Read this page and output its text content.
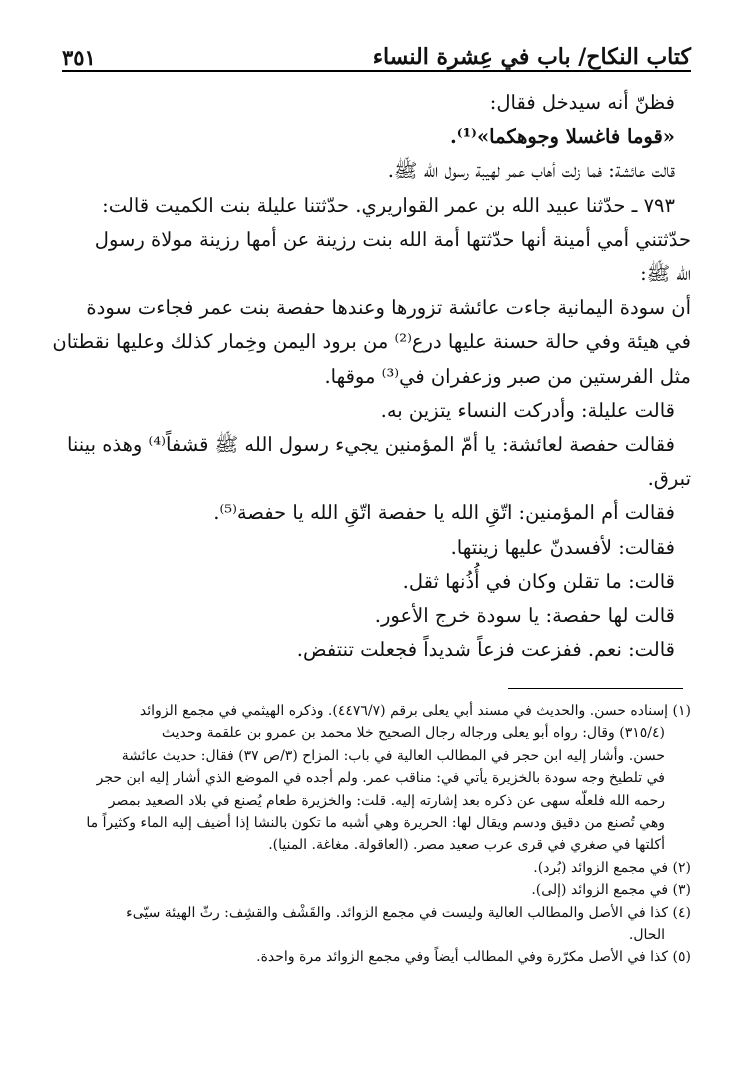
كتاب النكاح/ باب في عِشرة النساء
٣٥١
فظنّ أنه سيدخل فقال:
«قوما فاغسلا وجوهكما»⁽¹⁾.
قالت عائشة: فما زلت أهاب عمر لهيبة رسول الله ﷺ.
٧٩٣ ـ حدّثنا عبيد الله بن عمر القواريري. حدّثتنا عليلة بنت الكميت قالت:
حدّثتني أمي أمينة أنها حدّثتها أمة الله بنت رزينة عن أمها رزينة مولاة رسول
الله ﷺ:
أن سودة اليمانية جاءت عائشة تزورها وعندها حفصة بنت عمر فجاءت سودة
في هيئة وفي حالة حسنة عليها درع⁽²⁾ من برود اليمن وخِمار كذلك وعليها نقطتان
مثل الفرستين من صبر وزعفران في⁽³⁾ موقها.
قالت عليلة: وأدركت النساء يتزين به.
فقالت حفصة لعائشة: يا أمّ المؤمنين يجيء رسول الله ﷺ قشفاً⁽⁴⁾ وهذه بيننا
تبرق.
فقالت أم المؤمنين: اتّقِ الله يا حفصة اتّقِ الله يا حفصة⁽⁵⁾.
فقالت: لأفسدنّ عليها زينتها.
قالت: ما تقلن وكان في أُذُنها ثقل.
قالت لها حفصة: يا سودة خرج الأعور.
قالت: نعم. ففزعت فزعاً شديداً فجعلت تنتفض.
(١) إسناده حسن. والحديث في مسند أبي يعلى برقم (٤٤٧٦/٧). وذكره الهيثمي في مجمع الزوائد
(٣١٥/٤) وقال: رواه أبو يعلى ورجاله رجال الصحيح خلا محمد بن عمرو بن علقمة وحديث
حسن. وأشار إليه ابن حجر في المطالب العالية في باب: المزاح (٣/ص ٣٧) فقال: حديث عائشة
في تلطيخ وجه سودة بالخزيرة يأتي في: مناقب عمر. ولم أجده في الموضع الذي أشار إليه ابن حجر
رحمه الله فلعلّه سهى عن ذكره بعد إشارته إليه. قلت: والخزيرة طعام يُصنع في بلاد الصعيد بمصر
وهي تُصنع من دقيق ودسم ويقال لها: الحريرة وهي أشبه ما تكون بالنشا إذا أضيف إليه الماء وكثيراً ما
أكلتها في صغري في قرى عرب صعيد مصر. (العاقولة. مغاغة. المنيا).
(٢) في مجمع الزوائد (بُرد).
(٣) في مجمع الزوائد (إلى).
(٤) كذا في الأصل والمطالب العالية وليست في مجمع الزوائد. والقَشْف والقشِف: رثّ الهيئة سيّىء
الحال.
(٥) كذا في الأصل مكرّرة وفي المطالب أيضاً وفي مجمع الزوائد مرة واحدة.
